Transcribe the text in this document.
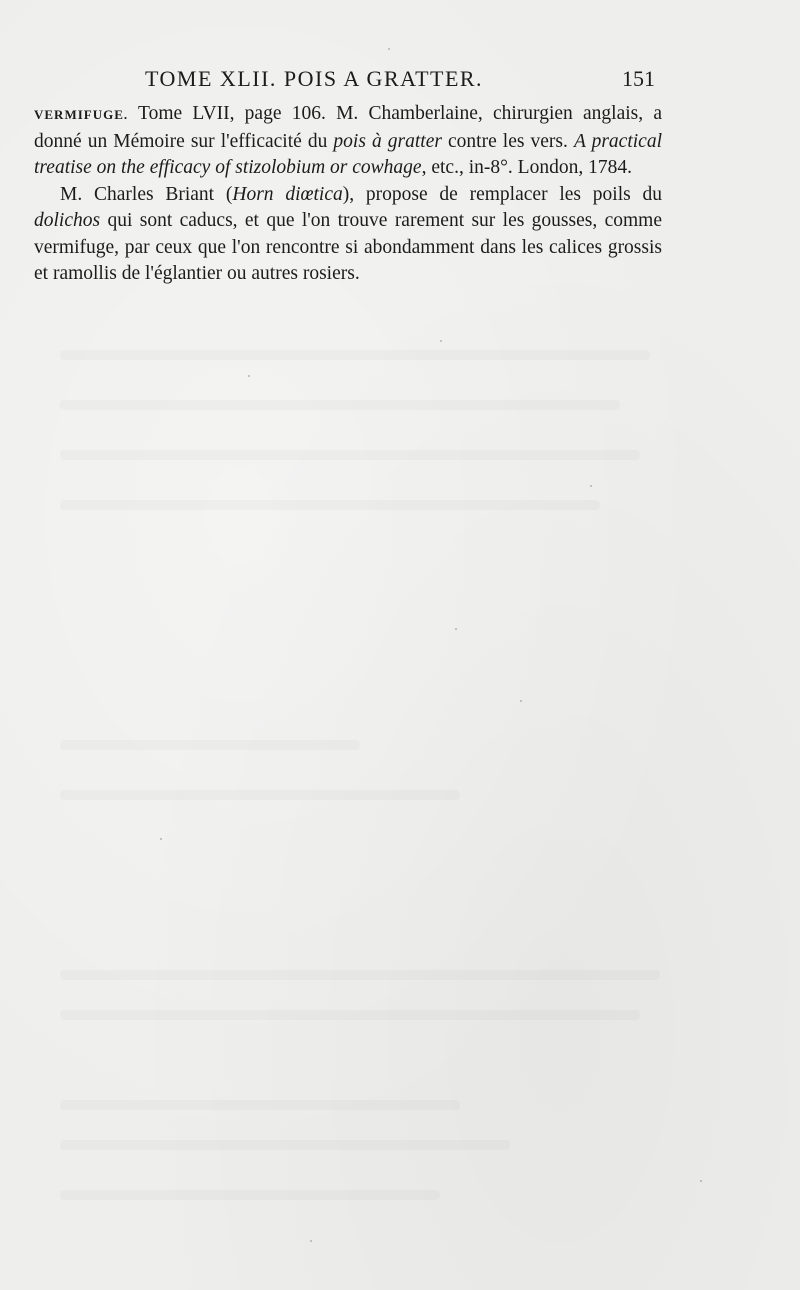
TOME XLII. POIS A GRATTER.	151

VERMIFUGE. Tome LVII, page 106. M. Chamberlaine, chirurgien anglais, a donné un Mémoire sur l'efficacité du pois à gratter contre les vers. A practical treatise on the efficacy of stizolobium or cowhage, etc., in-8°. London, 1784.

M. Charles Briant (Horn diœtica), propose de remplacer les poils du dolichos qui sont caducs, et que l'on trouve rarement sur les gousses, comme vermifuge, par ceux que l'on rencontre si abondamment dans les calices grossis et ramollis de l'églantier ou autres rosiers.
